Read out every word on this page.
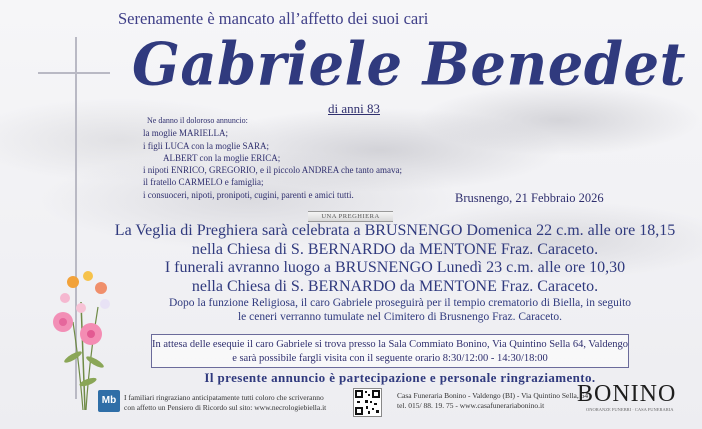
Serenamente è mancato all’affetto dei suoi cari
Gabriele Benedet
di anni 83
Ne danno il doloroso annuncio:
la moglie MARIELLA;
i figli LUCA con la moglie SARA;
ALBERT con la moglie ERICA;
i nipoti ENRICO, GREGORIO, e il piccolo ANDREA che tanto amava;
il fratello CARMELO e famiglia;
i consuoceri, nipoti, pronipoti, cugini, parenti e amici tutti.	Brusnengo, 21 Febbraio 2026
UNA PREGHIERA
La Veglia di Preghiera sarà celebrata a BRUSNENGO Domenica 22 c.m. alle ore 18,15
nella Chiesa di S. BERNARDO da MENTONE Fraz. Caraceto.
I funerali avranno luogo a BRUSNENGO Lunedì 23 c.m. alle ore 10,30
nella Chiesa di S. BERNARDO da MENTONE Fraz. Caraceto.
Dopo la funzione Religiosa, il caro Gabriele proseguirà per il tempio crematorio di Biella, in seguito
le ceneri verranno tumulate nel Cimitero di Brusnengo Fraz. Caraceto.
In attesa delle esequie il caro Gabriele si trova presso la Sala Commiato Bonino, Via Quintino Sella 64, Valdengo
e sarà possibile fargli visita con il seguente orario 8:30/12:00 - 14:30/18:00
Il presente annuncio è partecipazione e personale ringraziamento.
Mb	I familiari ringraziano anticipatamente tutti coloro che scriveranno
con affetto un Pensiero di Ricordo sul sito: www.necrologiebiella.it
Casa Funeraria Bonino - Valdengo (BI) - Via Quintino Sella, 64
tel. 015/ 88. 19. 75 - www.casafunerariabonino.it	BONINO
ONORANZE FUNEBRI · CASA FUNERARIA
